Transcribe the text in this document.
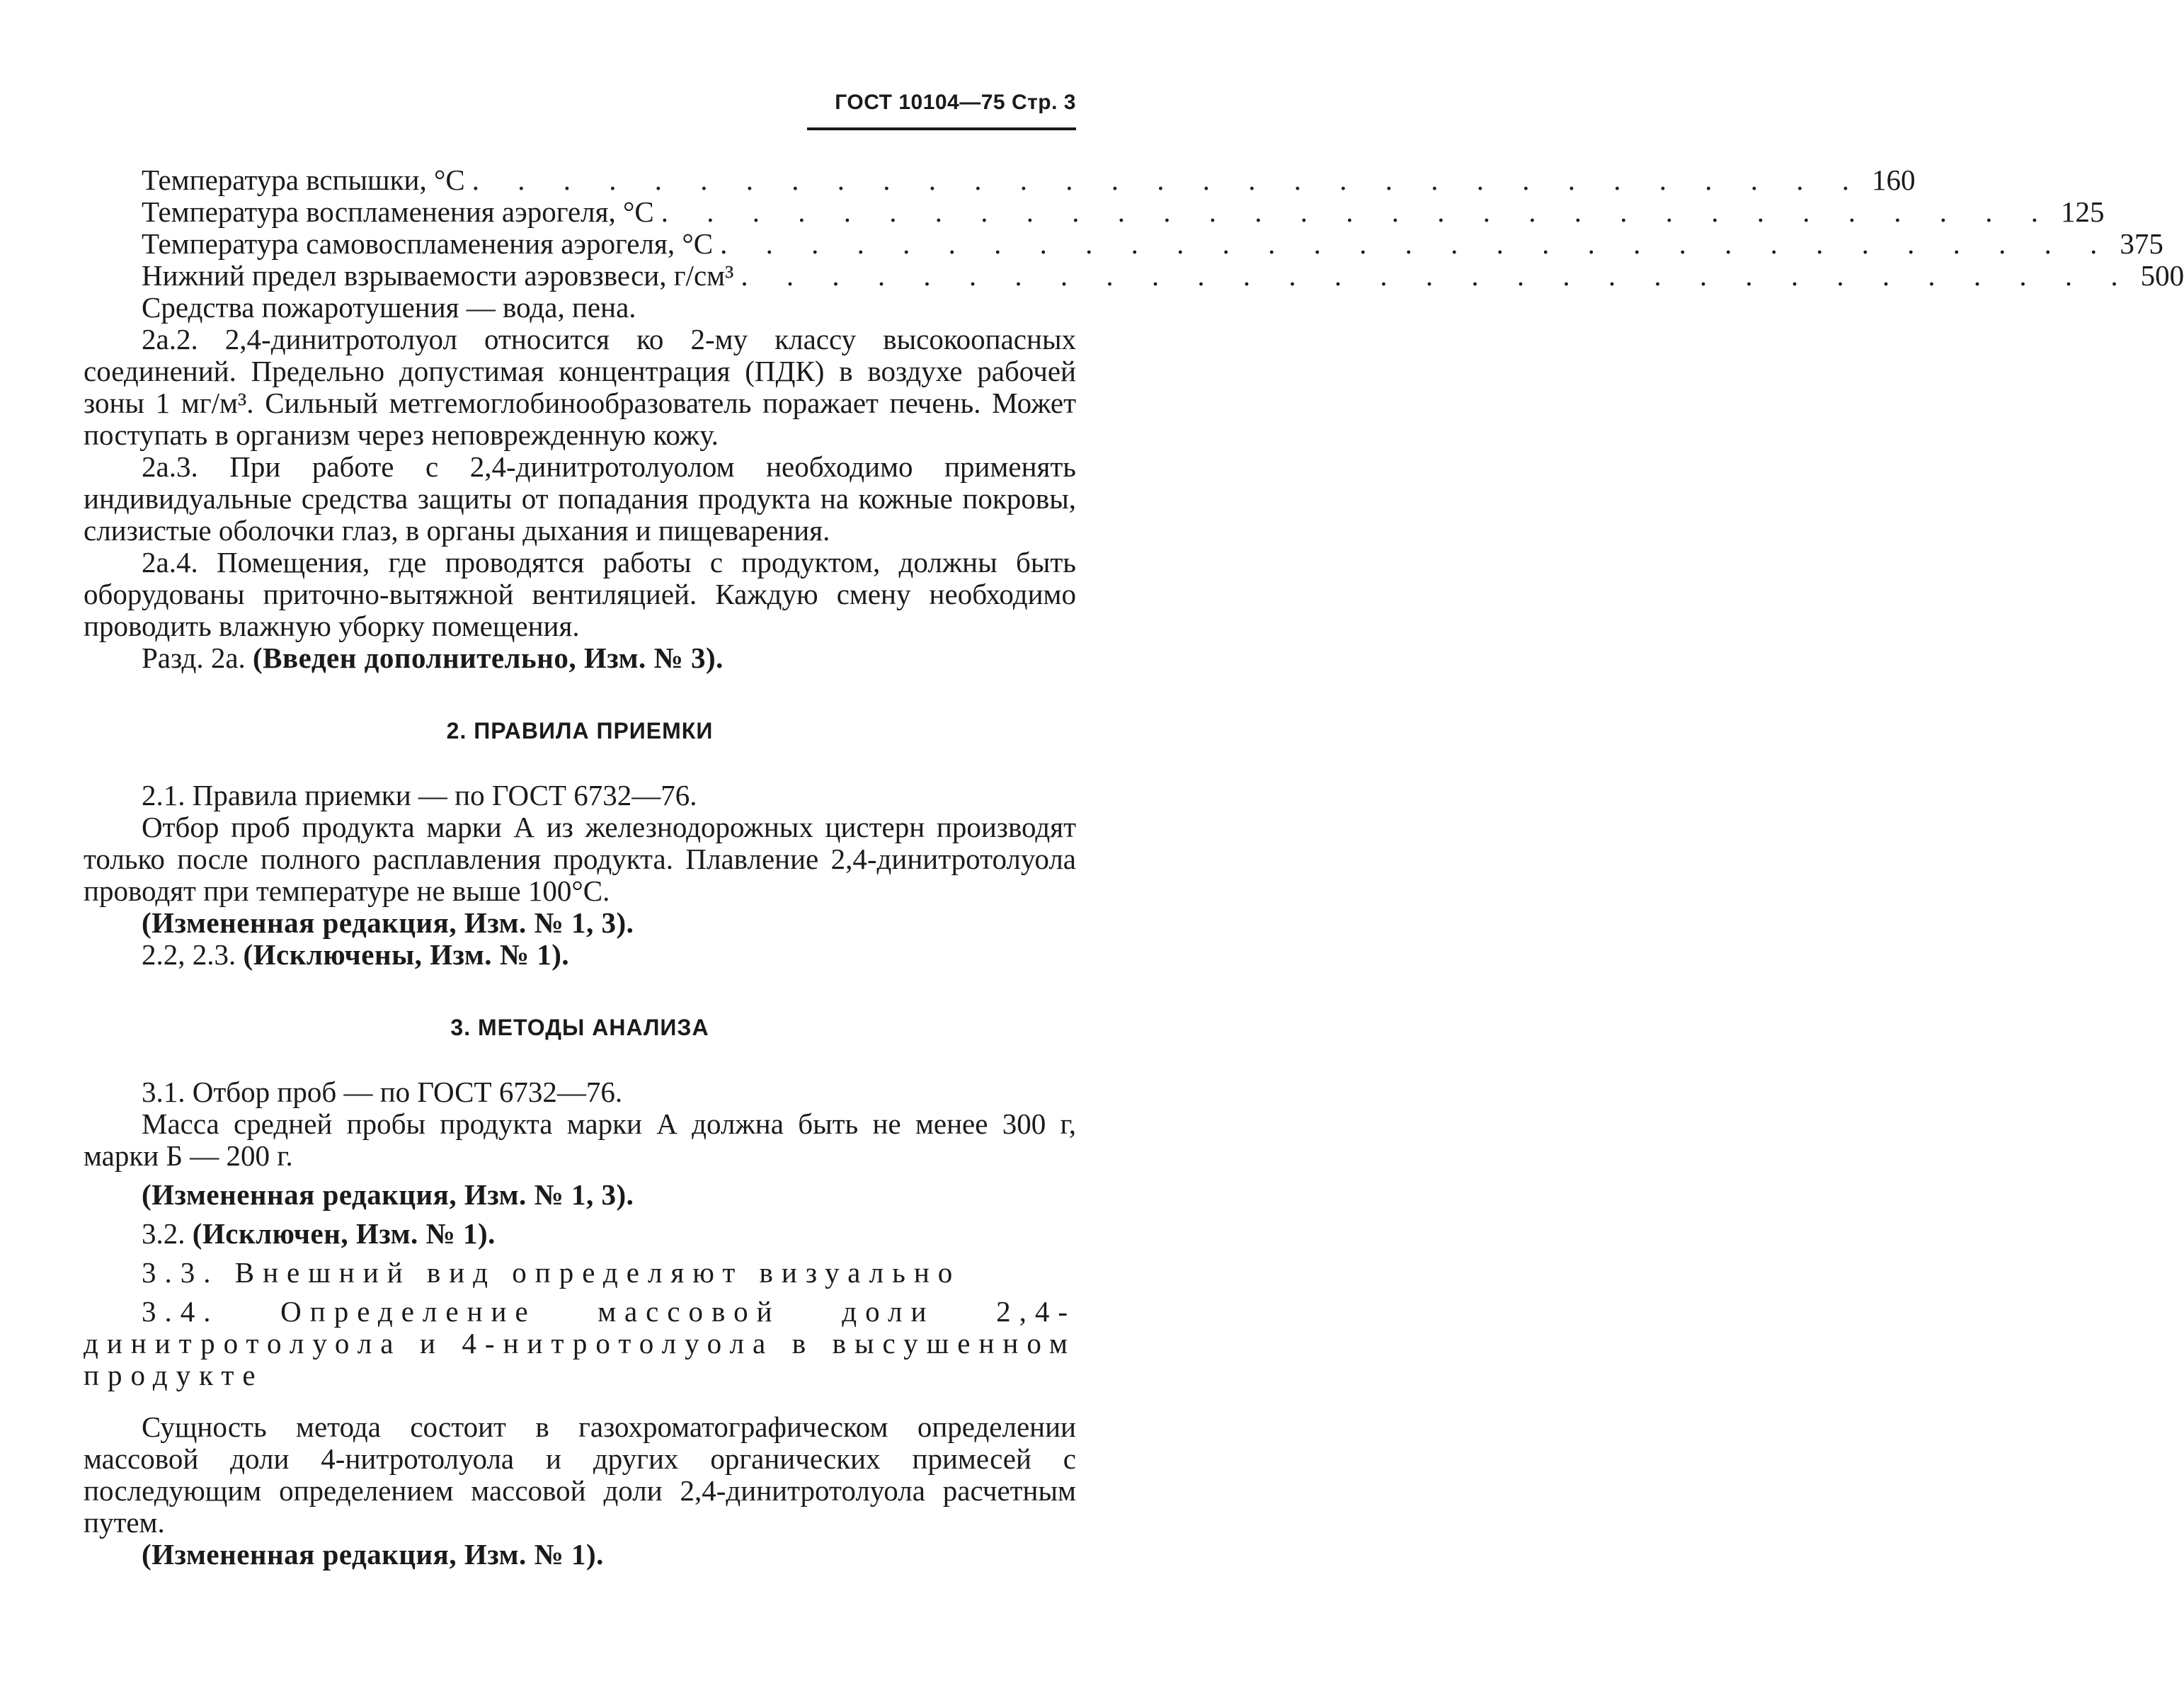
ГОСТ 10104—75 Стр. 3
Температура вспышки, °С . . . . . . . . . . . . . . . . . . . . . . . . . . . . . . . 160
Температура воспламенения аэрогеля, °С . . . . . . . . . . . . . . . . . . . . . . . . . . . . . . . 125
Температура самовоспламенения аэрогеля, °С . . . . . . . . . . . . . . . . . . . . . . . . . . . . . . . 375
Нижний предел взрываемости аэровзвеси, г/см³ . . . . . . . . . . . . . . . . . . . . . . . . . . . . . . . 500

Средства пожаротушения — вода, пена.

2а.2. 2,4-динитротолуол относится ко 2-му классу высокоопасных соединений. Предельно допустимая концентрация (ПДК) в воздухе рабочей зоны 1 мг/м³. Сильный метгемоглобинообразователь поражает печень. Может поступать в организм через неповрежденную кожу.

2а.3. При работе с 2,4-динитротолуолом необходимо применять индивидуальные средства защиты от попадания продукта на кожные покровы, слизистые оболочки глаз, в органы дыхания и пищеварения.

2а.4. Помещения, где проводятся работы с продуктом, должны быть оборудованы приточно-вытяжной вентиляцией. Каждую смену необходимо проводить влажную уборку помещения.

Разд. 2а. (Введен дополнительно, Изм. № 3).

2. ПРАВИЛА ПРИЕМКИ

2.1. Правила приемки — по ГОСТ 6732—76.

Отбор проб продукта марки А из железнодорожных цистерн производят только после полного расплавления продукта. Плавление 2,4-динитротолуола проводят при температуре не выше 100°С.

(Измененная редакция, Изм. № 1, 3).

2.2, 2.3. (Исключены, Изм. № 1).

3. МЕТОДЫ АНАЛИЗА

3.1. Отбор проб — по ГОСТ 6732—76.

Масса средней пробы продукта марки А должна быть не менее 300 г, марки Б — 200 г.

(Измененная редакция, Изм. № 1, 3).

3.2. (Исключен, Изм. № 1).

3.3. Внешний вид определяют визуально

3.4. Определение массовой доли 2,4-динитротолуола и 4-нитротолуола в высушенном продукте

Сущность метода состоит в газохроматографическом определении массовой доли 4-нитротолуола и других органических примесей с последующим определением массовой доли 2,4-динитротолуола расчетным путем.

(Измененная редакция, Изм. № 1).
